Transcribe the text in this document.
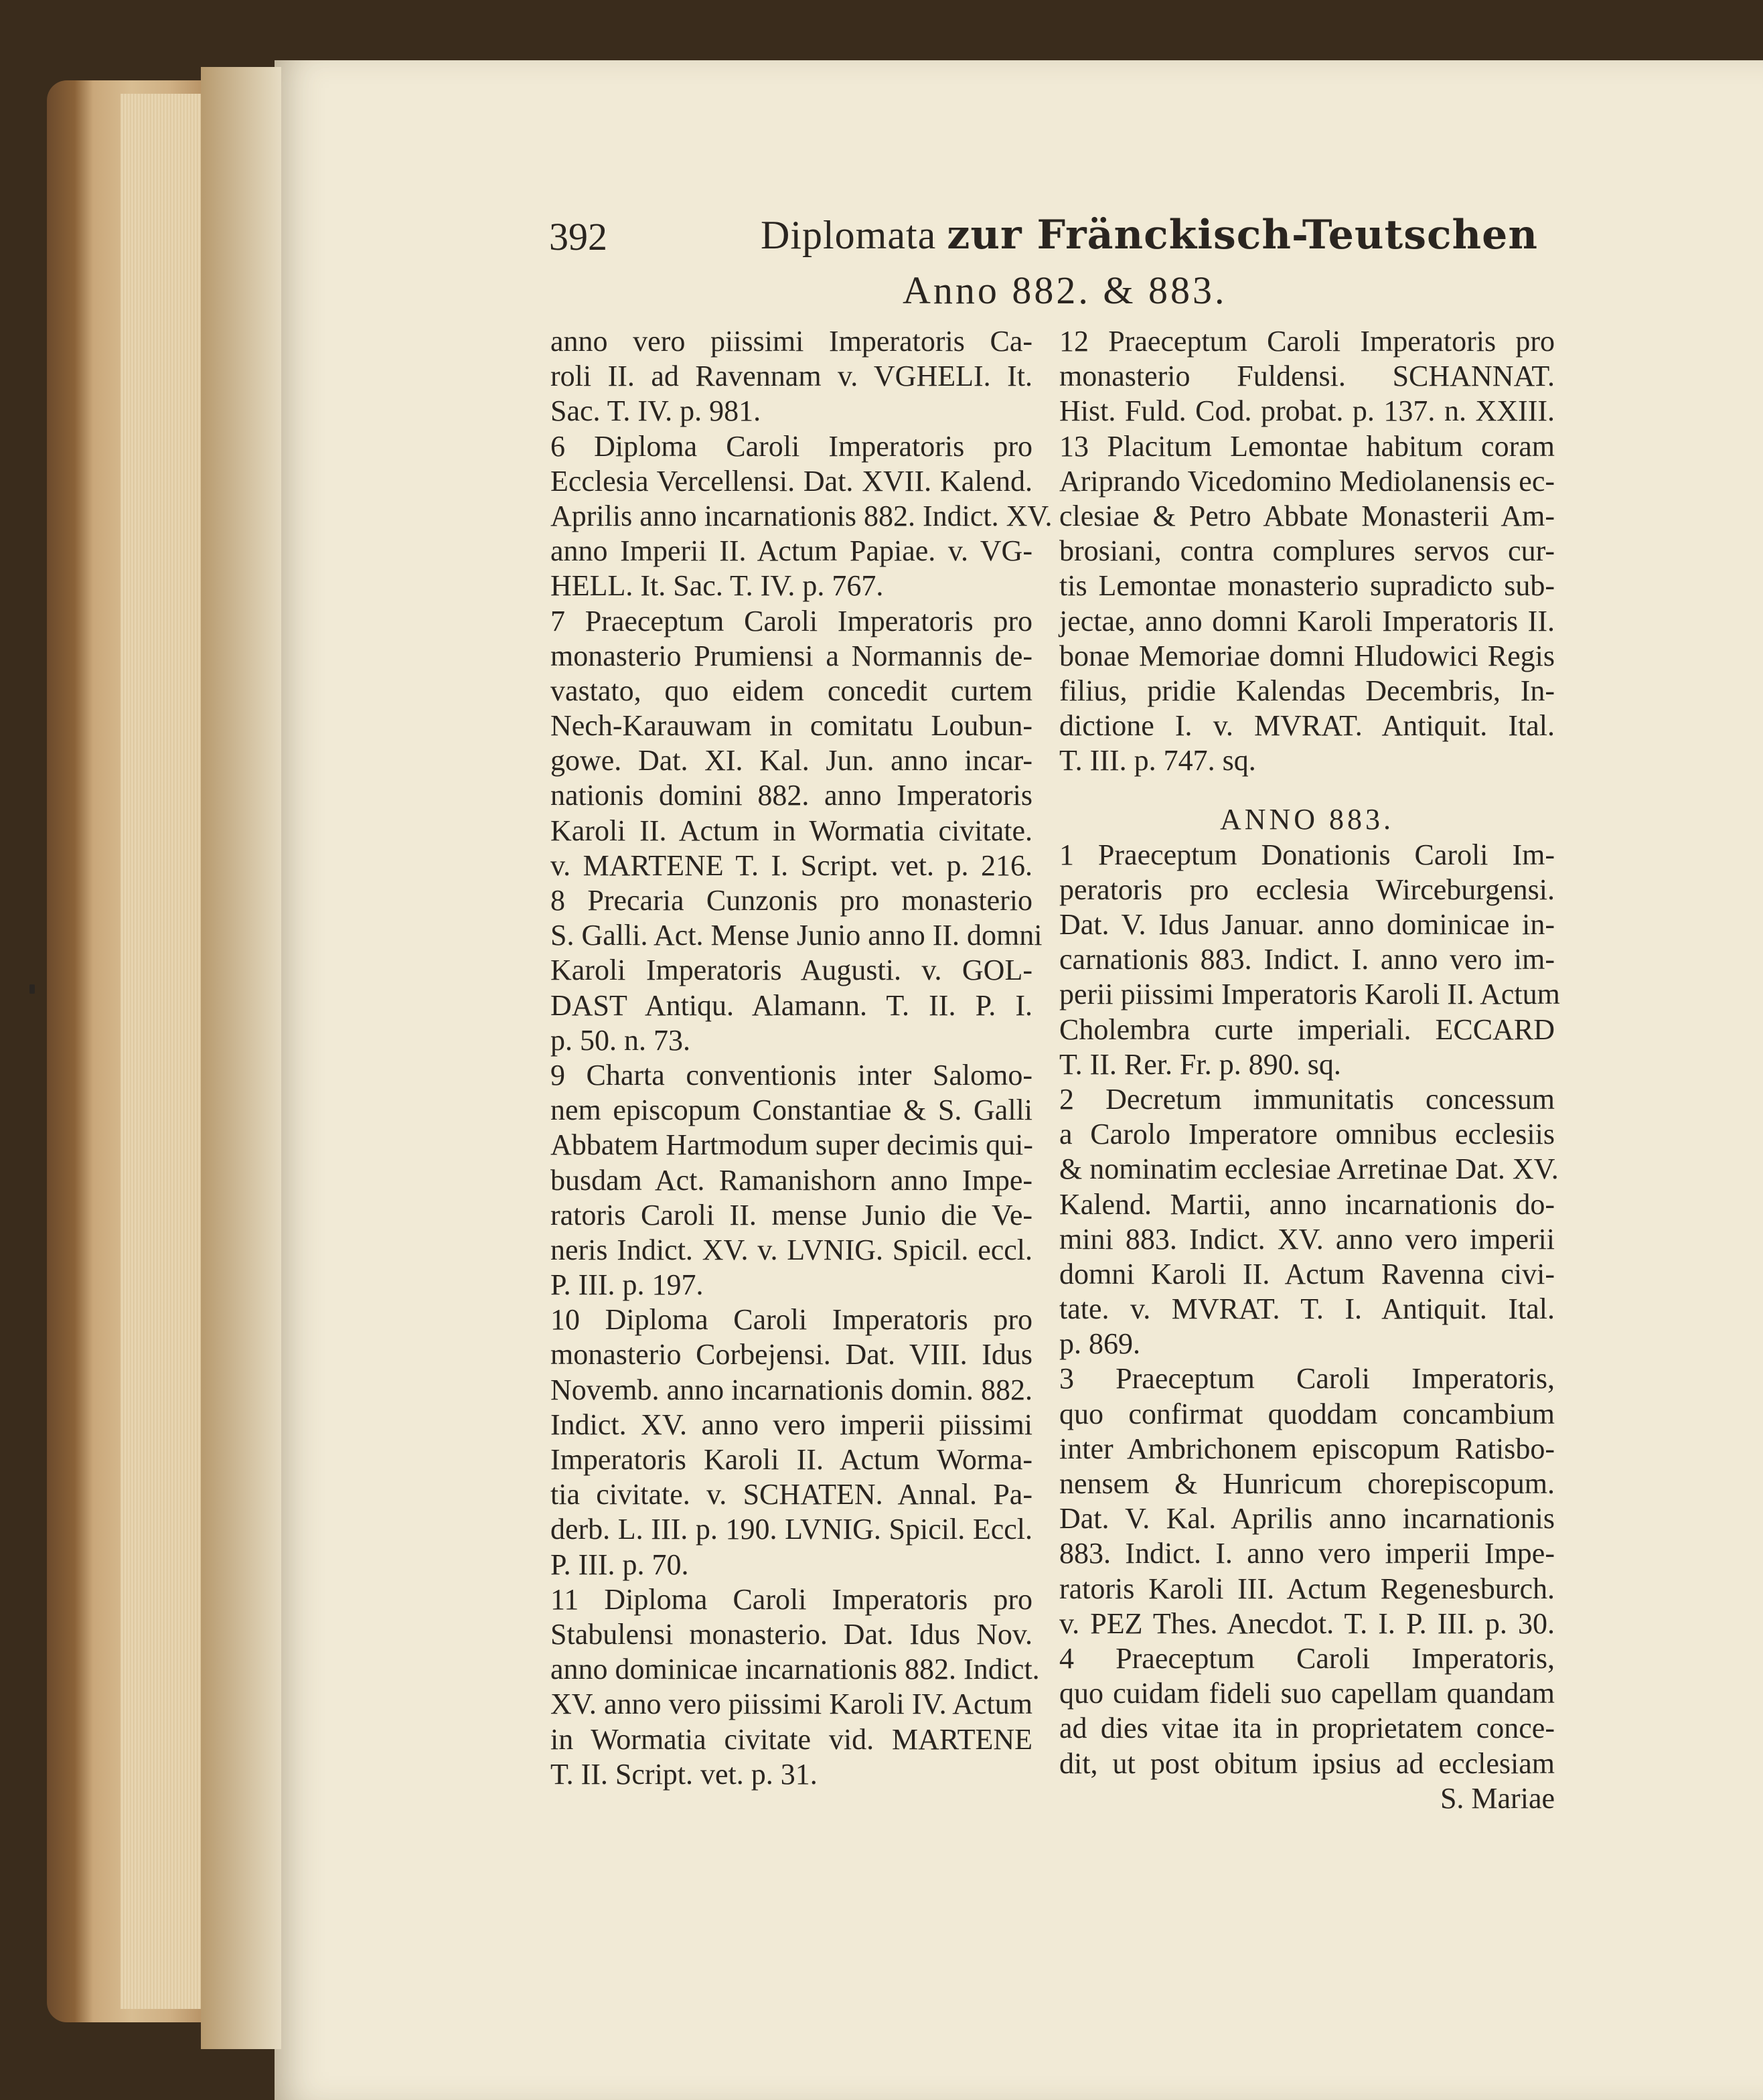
392	Diplomata zur Fränckisch-Teutschen
Anno 882. & 883.
anno vero piissimi Imperatoris Ca-
roli II. ad Ravennam v. VGHELI. It.
Sac. T. IV. p. 981.
6 Diploma Caroli Imperatoris pro
Ecclesia Vercellensi. Dat. XVII. Kalend.
Aprilis anno incarnationis 882. Indict. XV.
anno Imperii II. Actum Papiae. v. VG-
HELL. It. Sac. T. IV. p. 767.
7 Praeceptum Caroli Imperatoris pro
monasterio Prumiensi a Normannis de-
vastato, quo eidem concedit curtem
Nech-Karauwam in comitatu Loubun-
gowe. Dat. XI. Kal. Jun. anno incar-
nationis domini 882. anno Imperatoris
Karoli II. Actum in Wormatia civitate.
v. MARTENE T. I. Script. vet. p. 216.
8 Precaria Cunzonis pro monasterio
S. Galli. Act. Mense Junio anno II. domni
Karoli Imperatoris Augusti. v. GOL-
DAST Antiqu. Alamann. T. II. P. I.
p. 50. n. 73.
9 Charta conventionis inter Salomo-
nem episcopum Constantiae & S. Galli
Abbatem Hartmodum super decimis qui-
busdam Act. Ramanishorn anno Impe-
ratoris Caroli II. mense Junio die Ve-
neris Indict. XV. v. LVNIG. Spicil. eccl.
P. III. p. 197.
10 Diploma Caroli Imperatoris pro
monasterio Corbejensi. Dat. VIII. Idus
Novemb. anno incarnationis domin. 882.
Indict. XV. anno vero imperii piissimi
Imperatoris Karoli II. Actum Worma-
tia civitate. v. SCHATEN. Annal. Pa-
derb. L. III. p. 190. LVNIG. Spicil. Eccl.
P. III. p. 70.
11 Diploma Caroli Imperatoris pro
Stabulensi monasterio. Dat. Idus Nov.
anno dominicae incarnationis 882. Indict.
XV. anno vero piissimi Karoli IV. Actum
in Wormatia civitate vid. MARTENE
T. II. Script. vet. p. 31.
12 Praeceptum Caroli Imperatoris pro
monasterio Fuldensi. SCHANNAT.
Hist. Fuld. Cod. probat. p. 137. n. XXIII.
13 Placitum Lemontae habitum coram
Ariprando Vicedomino Mediolanensis ec-
clesiae & Petro Abbate Monasterii Am-
brosiani, contra complures servos cur-
tis Lemontae monasterio supradicto sub-
jectae, anno domni Karoli Imperatoris II.
bonae Memoriae domni Hludowici Regis
filius, pridie Kalendas Decembris, In-
dictione I. v. MVRAT. Antiquit. Ital.
T. III. p. 747. sq.
ANNO 883.
1 Praeceptum Donationis Caroli Im-
peratoris pro ecclesia Wirceburgensi.
Dat. V. Idus Januar. anno dominicae in-
carnationis 883. Indict. I. anno vero im-
perii piissimi Imperatoris Karoli II. Actum
Cholembra curte imperiali. ECCARD
T. II. Rer. Fr. p. 890. sq.
2 Decretum immunitatis concessum
a Carolo Imperatore omnibus ecclesiis
& nominatim ecclesiae Arretinae Dat. XV.
Kalend. Martii, anno incarnationis do-
mini 883. Indict. XV. anno vero imperii
domni Karoli II. Actum Ravenna civi-
tate. v. MVRAT. T. I. Antiquit. Ital.
p. 869.
3 Praeceptum Caroli Imperatoris,
quo confirmat quoddam concambium
inter Ambrichonem episcopum Ratisbo-
nensem & Hunricum chorepiscopum.
Dat. V. Kal. Aprilis anno incarnationis
883. Indict. I. anno vero imperii Impe-
ratoris Karoli III. Actum Regenesburch.
v. PEZ Thes. Anecdot. T. I. P. III. p. 30.
4 Praeceptum Caroli Imperatoris,
quo cuidam fideli suo capellam quandam
ad dies vitae ita in proprietatem conce-
dit, ut post obitum ipsius ad ecclesiam
S. Mariae
